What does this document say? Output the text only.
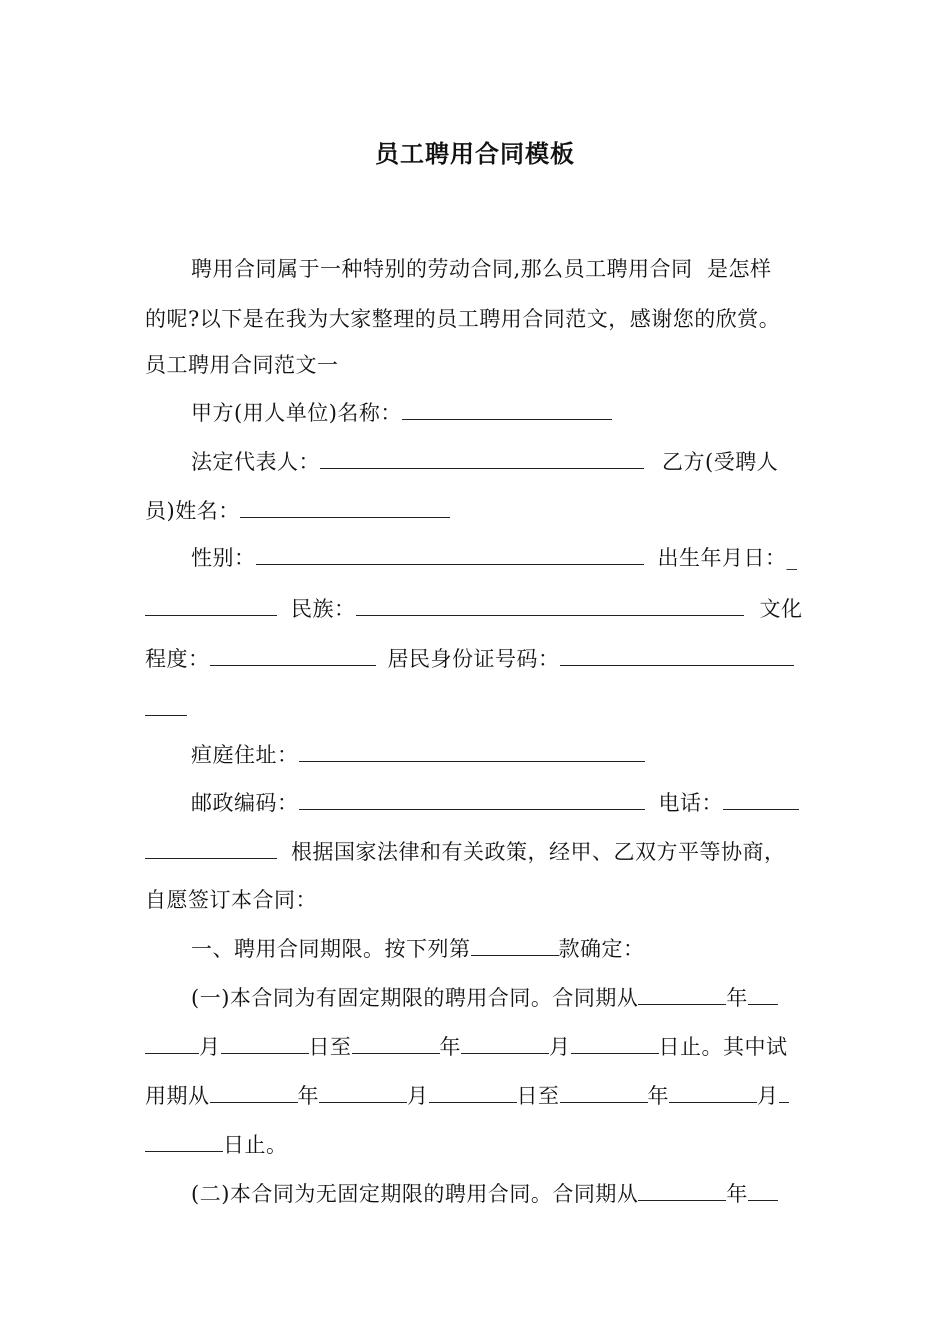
员工聘用合同模板
聘用合同属于一种特别的劳动合同,那么员工聘用合同  是怎样
的呢?以下是在我为大家整理的员工聘用合同范文，感谢您的欣赏。
员工聘用合同范文一
甲方(用人单位)名称：
法定代表人：	乙方(受聘人
员)姓名：
性别：	出生年月日：_
民族：	文化
程度：	居民身份证号码：
疸庭住址：
邮政编码：	电话：
根据国家法律和有关政策，经甲、乙双方平等协商，
自愿签订本合同：
一、聘用合同期限。按下列第	款确定：
(一)本合同为有固定期限的聘用合同。合同期从	年
月	日至	年	月	日止。其中试
用期从	年	月	日至	年	月
日止。
(二)本合同为无固定期限的聘用合同。合同期从	年
